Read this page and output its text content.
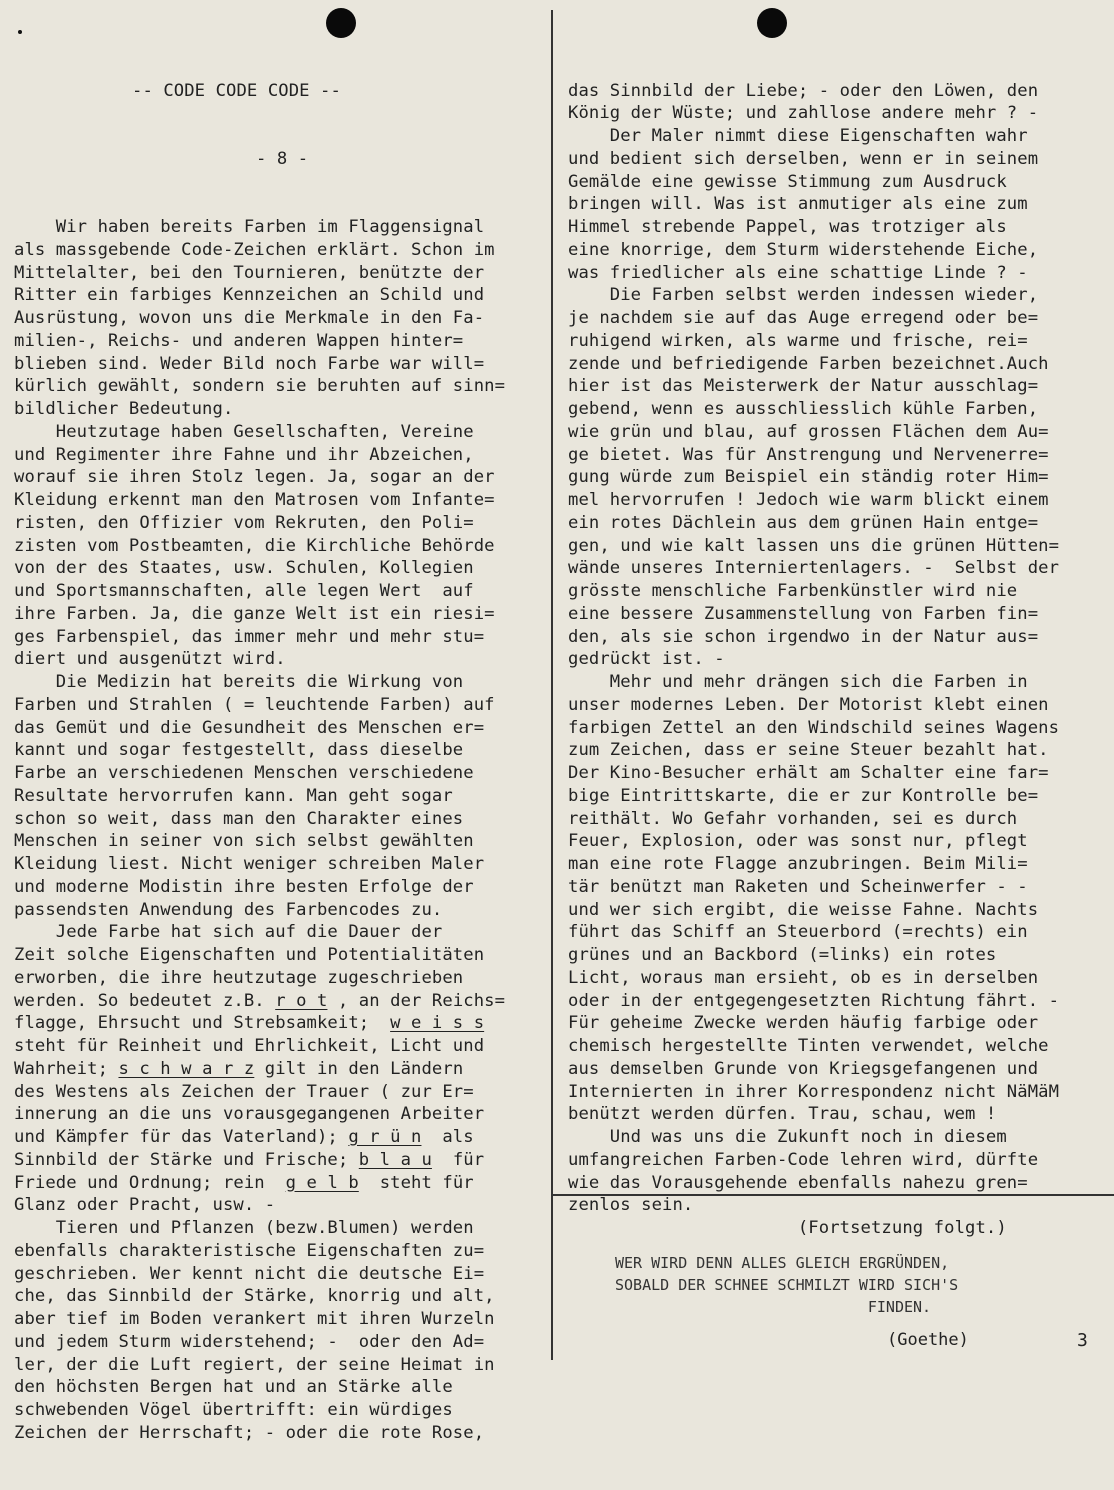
-- CODE CODE CODE --

- 8 -

Wir haben bereits Farben im Flaggensignal
als massgebende Code-Zeichen erklärt. Schon im
Mittelalter, bei den Tournieren, benützte der
Ritter ein farbiges Kennzeichen an Schild und
Ausrüstung, wovon uns die Merkmale in den Fa-
milien-, Reichs- und anderen Wappen hinter=
blieben sind. Weder Bild noch Farbe war will=
kürlich gewählt, sondern sie beruhten auf sinn=
bildlicher Bedeutung.
Heutzutage haben Gesellschaften, Vereine
und Regimenter ihre Fahne und ihr Abzeichen,
worauf sie ihren Stolz legen. Ja, sogar an der
Kleidung erkennt man den Matrosen vom Infante=
risten, den Offizier vom Rekruten, den Poli=
zisten vom Postbeamten, die Kirchliche Behörde
von der des Staates, usw. Schulen, Kollegien
und Sportsmannschaften, alle legen Wert  auf
ihre Farben. Ja, die ganze Welt ist ein riesi=
ges Farbenspiel, das immer mehr und mehr stu=
diert und ausgenützt wird.
Die Medizin hat bereits die Wirkung von
Farben und Strahlen ( = leuchtende Farben) auf
das Gemüt und die Gesundheit des Menschen er=
kannt und sogar festgestellt, dass dieselbe
Farbe an verschiedenen Menschen verschiedene
Resultate hervorrufen kann. Man geht sogar
schon so weit, dass man den Charakter eines
Menschen in seiner von sich selbst gewählten
Kleidung liest. Nicht weniger schreiben Maler
und moderne Modistin ihre besten Erfolge der
passendsten Anwendung des Farbencodes zu.
Jede Farbe hat sich auf die Dauer der
Zeit solche Eigenschaften und Potentialitäten
erworben, die ihre heutzutage zugeschrieben
werden. So bedeutet z.B. r o t , an der Reichs=
flagge, Ehrsucht und Strebsamkeit;  w e i s s
steht für Reinheit und Ehrlichkeit, Licht und
Wahrheit; s c h w a r z gilt in den Ländern
des Westens als Zeichen der Trauer ( zur Er=
innerung an die uns vorausgegangenen Arbeiter
und Kämpfer für das Vaterland); g r ü n  als
Sinnbild der Stärke und Frische; b l a u  für
Friede und Ordnung; rein  g e l b  steht für
Glanz oder Pracht, usw. -
Tieren und Pflanzen (bezw.Blumen) werden
ebenfalls charakteristische Eigenschaften zu=
geschrieben. Wer kennt nicht die deutsche Ei=
che, das Sinnbild der Stärke, knorrig und alt,
aber tief im Boden verankert mit ihren Wurzeln
und jedem Sturm widerstehend; -  oder den Ad=
ler, der die Luft regiert, der seine Heimat in
den höchsten Bergen hat und an Stärke alle
schwebenden Vögel übertrifft: ein würdiges
Zeichen der Herrschaft; - oder die rote Rose,

das Sinnbild der Liebe; - oder den Löwen, den
König der Wüste; und zahllose andere mehr ? -
Der Maler nimmt diese Eigenschaften wahr
und bedient sich derselben, wenn er in seinem
Gemälde eine gewisse Stimmung zum Ausdruck
bringen will. Was ist anmutiger als eine zum
Himmel strebende Pappel, was trotziger als
eine knorrige, dem Sturm widerstehende Eiche,
was friedlicher als eine schattige Linde ? -
Die Farben selbst werden indessen wieder,
je nachdem sie auf das Auge erregend oder be=
ruhigend wirken, als warme und frische, rei=
zende und befriedigende Farben bezeichnet.Auch
hier ist das Meisterwerk der Natur ausschlag=
gebend, wenn es ausschliesslich kühle Farben,
wie grün und blau, auf grossen Flächen dem Au=
ge bietet. Was für Anstrengung und Nervenerre=
gung würde zum Beispiel ein ständig roter Him=
mel hervorrufen ! Jedoch wie warm blickt einem
ein rotes Dächlein aus dem grünen Hain entge=
gen, und wie kalt lassen uns die grünen Hütten=
wände unseres Interniertenlagers. -  Selbst der
grösste menschliche Farbenkünstler wird nie
eine bessere Zusammenstellung von Farben fin=
den, als sie schon irgendwo in der Natur aus=
gedrückt ist. -
Mehr und mehr drängen sich die Farben in
unser modernes Leben. Der Motorist klebt einen
farbigen Zettel an den Windschild seines Wagens
zum Zeichen, dass er seine Steuer bezahlt hat.
Der Kino-Besucher erhält am Schalter eine far=
bige Eintrittskarte, die er zur Kontrolle be=
reithält. Wo Gefahr vorhanden, sei es durch
Feuer, Explosion, oder was sonst nur, pflegt
man eine rote Flagge anzubringen. Beim Mili=
tär benützt man Raketen und Scheinwerfer - -
und wer sich ergibt, die weisse Fahne. Nachts
führt das Schiff an Steuerbord (=rechts) ein
grünes und an Backbord (=links) ein rotes
Licht, woraus man ersieht, ob es in derselben
oder in der entgegengesetzten Richtung fährt. -
Für geheime Zwecke werden häufig farbige oder
chemisch hergestellte Tinten verwendet, welche
aus demselben Grunde von Kriegsgefangenen und
Internierten in ihrer Korrespondenz nicht NäMäM
benützt werden dürfen. Trau, schau, wem !
Und was uns die Zukunft noch in diesem
umfangreichen Farben-Code lehren wird, dürfte
wie das Vorausgehende ebenfalls nahezu gren=
zenlos sein.
(Fortsetzung folgt.)

WER WIRD DENN ALLES GLEICH ERGRÜNDEN,
SOBALD DER SCHNEE SCHMILZT WIRD SICH'S
FINDEN.
(Goethe)	3
